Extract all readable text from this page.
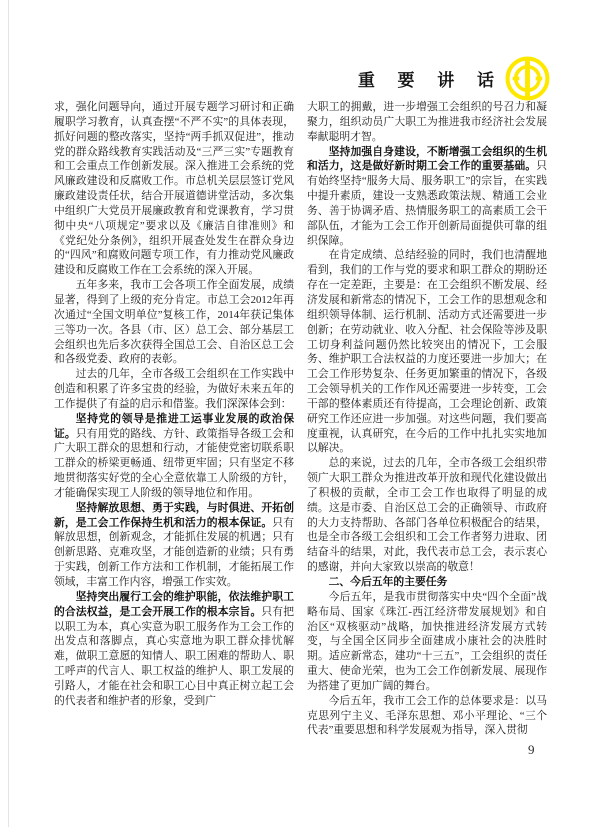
重 要 讲 话

求，强化问题导向，通过开展专题学习研讨和正确履职学习教育，认真查摆“不严不实”的具体表现，抓好问题的整改落实，坚持“两手抓双促进”，推动党的群众路线教育实践活动及“三严三实”专题教育和工会重点工作创新发展。深入推进工会系统的党风廉政建设和反腐败工作。市总机关层层签订党风廉政建设责任状，结合开展道德讲堂活动，多次集中组织广大党员开展廉政教育和党课教育，学习贯彻中央“八项规定”要求以及《廉洁自律准则》和《党纪处分条例》，组织开展查处发生在群众身边的“四风”和腐败问题专项工作，有力推动党风廉政建设和反腐败工作在工会系统的深入开展。

五年多来，我市工会各项工作全面发展，成绩显著，得到了上级的充分肯定。市总工会2012年再次通过“全国文明单位”复核工作，2014年获记集体三等功一次。各县（市、区）总工会、部分基层工会组织也先后多次获得全国总工会、自治区总工会和各级党委、政府的表彰。

过去的几年，全市各级工会组织在工作实践中创造和积累了许多宝贵的经验，为做好未来五年的工作提供了有益的启示和借鉴。我们深深体会到：

坚持党的领导是推进工运事业发展的政治保证。只有用党的路线、方针、政策指导各级工会和广大职工群众的思想和行动，才能使党密切联系职工群众的桥梁更畅通、纽带更牢固；只有坚定不移地贯彻落实好党的全心全意依靠工人阶级的方针，才能确保实现工人阶级的领导地位和作用。

坚持解放思想、勇于实践，与时俱进、开拓创新，是工会工作保持生机和活力的根本保证。只有解放思想，创新观念，才能抓住发展的机遇；只有创新思路、克难攻坚，才能创造新的业绩；只有勇于实践，创新工作方法和工作机制，才能拓展工作领域，丰富工作内容，增强工作实效。

坚持突出履行工会的维护职能，依法维护职工的合法权益，是工会开展工作的根本宗旨。只有把以职工为本，真心实意为职工服务作为工会工作的出发点和落脚点，真心实意地为职工群众排忧解难，做职工意愿的知情人、职工困难的帮助人、职工呼声的代言人、职工权益的维护人、职工发展的引路人，才能在社会和职工心目中真正树立起工会的代表者和维护者的形象，受到广

大职工的拥戴，进一步增强工会组织的号召力和凝聚力，组织动员广大职工为推进我市经济社会发展奉献聪明才智。

坚持加强自身建设，不断增强工会组织的生机和活力，这是做好新时期工会工作的重要基础。只有始终坚持“服务大局、服务职工”的宗旨，在实践中提升素质，建设一支熟悉政策法规、精通工会业务、善于协调矛盾、热情服务职工的高素质工会干部队伍，才能为工会工作开创新局面提供可靠的组织保障。

在肯定成绩、总结经验的同时，我们也清醒地看到，我们的工作与党的要求和职工群众的期盼还存在一定差距，主要是：在工会组织不断发展、经济发展和新常态的情况下，工会工作的思想观念和组织领导体制、运行机制、活动方式还需要进一步创新；在劳动就业、收入分配、社会保险等涉及职工切身利益问题仍然比较突出的情况下，工会服务、维护职工合法权益的力度还要进一步加大；在工会工作形势复杂、任务更加繁重的情况下，各级工会领导机关的工作作风还需要进一步转变，工会干部的整体素质还有待提高，工会理论创新、政策研究工作还应进一步加强。对这些问题，我们要高度重视，认真研究，在今后的工作中扎扎实实地加以解决。

总的来说，过去的几年，全市各级工会组织带领广大职工群众为推进改革开放和现代化建设做出了积极的贡献，全市工会工作也取得了明显的成绩。这是市委、自治区总工会的正确领导、市政府的大力支持帮助、各部门各单位积极配合的结果，也是全市各级工会组织和工会工作者努力进取、团结奋斗的结果，对此，我代表市总工会，表示衷心的感谢，并向大家致以崇高的敬意！

二、今后五年的主要任务

今后五年，是我市贯彻落实中央“四个全面”战略布局、国家《珠江-西江经济带发展规划》和自治区“双核驱动”战略，加快推进经济发展方式转变，与全国全区同步全面建成小康社会的决胜时期。适应新常态，建功“十三五”，工会组织的责任重大、使命光荣，也为工会工作创新发展、展现作为搭建了更加广阔的舞台。

今后五年，我市工会工作的总体要求是：以马克思列宁主义、毛泽东思想、邓小平理论、“三个代表”重要思想和科学发展观为指导，深入贯彻

9
